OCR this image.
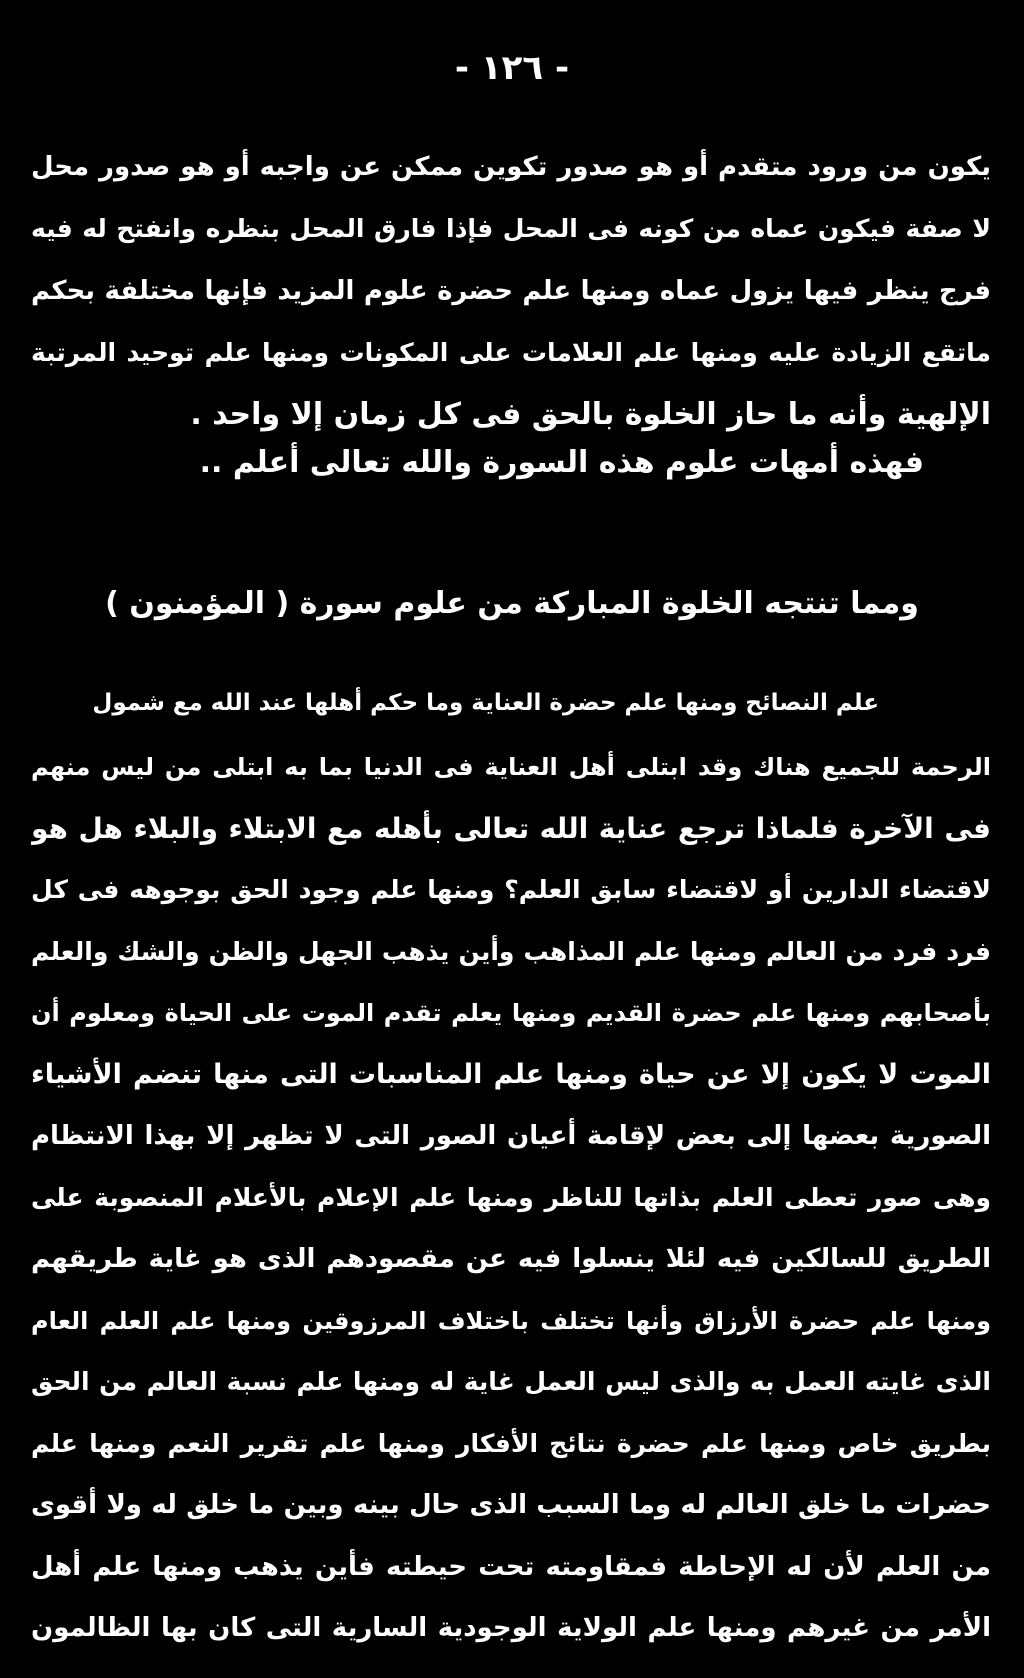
- ١٢٦ -
يكون من ورود متقدم أو هو صدور تكوين ممكن عن واجبه أو هو صدور محل
لا صفة فيكون عماه من كونه فى المحل فإذا فارق المحل بنظره وانفتح له فيه
فرج ينظر فيها يزول عماه ومنها علم حضرة علوم المزيد فإنها مختلفة بحكم
ماتقع الزيادة عليه ومنها علم العلامات على المكونات ومنها علم توحيد المرتبة
الإلهية وأنه ما حاز الخلوة بالحق فى كل زمان إلا واحد .
فهذه أمهات علوم هذه السورة والله تعالى أعلم ..
ومما تنتجه الخلوة المباركة من علوم سورة ( المؤمنون )
علم النصائح ومنها علم حضرة العناية وما حكم أهلها عند الله مع شمول
الرحمة للجميع هناك وقد ابتلى أهل العناية فى الدنيا بما به ابتلى من ليس منهم
فى الآخرة فلماذا ترجع عناية الله تعالى بأهله مع الابتلاء والبلاء هل هو
لاقتضاء الدارين أو لاقتضاء سابق العلم؟ ومنها علم وجود الحق بوجوهه فى كل
فرد فرد من العالم ومنها علم المذاهب وأين يذهب الجهل والظن والشك والعلم
بأصحابهم ومنها علم حضرة القديم ومنها يعلم تقدم الموت على الحياة ومعلوم أن
الموت لا يكون إلا عن حياة ومنها علم المناسبات التى منها تنضم الأشياء
الصورية بعضها إلى بعض لإقامة أعيان الصور التى لا تظهر إلا بهذا الانتظام
وهى صور تعطى العلم بذاتها للناظر ومنها علم الإعلام بالأعلام المنصوبة على
الطريق للسالكين فيه لئلا ينسلوا فيه عن مقصودهم الذى هو غاية طريقهم
ومنها علم حضرة الأرزاق وأنها تختلف باختلاف المرزوقين ومنها علم العلم العام
الذى غايته العمل به والذى ليس العمل غاية له ومنها علم نسبة العالم من الحق
بطريق خاص ومنها علم حضرة نتائج الأفكار ومنها علم تقرير النعم ومنها علم
حضرات ما خلق العالم له وما السبب الذى حال بينه وبين ما خلق له ولا أقوى
من العلم لأن له الإحاطة فمقاومته تحت حيطته فأين يذهب ومنها علم أهل
الأمر من غيرهم ومنها علم الولاية الوجودية السارية التى كان بها الظالمون
